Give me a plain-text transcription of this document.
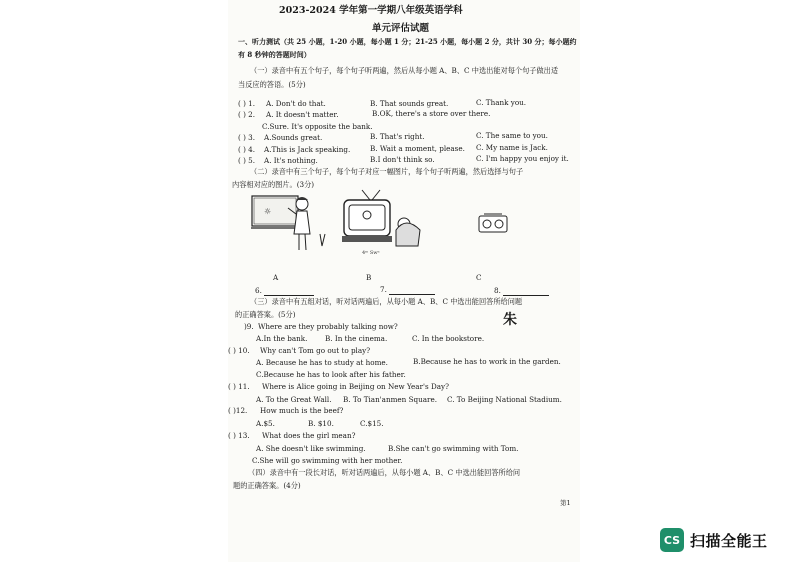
2023-2024 学年第一学期八年级英语学科
单元评估试题
一、听力测试（共 25 小题，1-20 小题，每小题 1 分；21-25 小题，每小题 2 分，共计 30 分；每小题约
有 8 秒钟的答题时间）
（一）录音中有五个句子，每个句子听两遍，然后从每小题 A、B、C 中选出能对每个句子做出适
当反应的答语。(5分)
( ) 1. A. Don't do that.	B. That sounds great.	C. Thank you.
( ) 2. A. It doesn't matter.	B.OK, there's a store over there.
C.Sure. It's opposite the bank.
( ) 3. A.Sounds great.	B. That's right.	C. The same to you.
( ) 4. A.This is Jack speaking.	B. Wait a moment, please. C. My name is Jack.
( ) 5. A. It's nothing.	B.I don't think so.	C. I'm happy you enjoy it.
（二）录音中有三个句子，每个句子对应一幅图片，每个句子听两遍，然后选择与句子
内容相对应的图片。(3分)
☼
4ᵐ Swⁿ
A	B	C
6.	7.	8.
（三）录音中有五组对话，听对话两遍后，从每小题 A、B、C 中选出能回答所给问题
的正确答案。(5分)	朱
)9. Where are they probably talking now?
A.In the bank. B. In the cinema.	C. In the bookstore.
( ) 10. Why can't Tom go out to play?
A. Because he has to study at home.	B.Because he has to work in the garden.
C.Because he has to look after his father.
( ) 11. Where is Alice going in Beijing on New Year's Day?
A. To the Great Wall. B. To Tian'anmen Square. C. To Beijing National Stadium.
( )12. How much is the beef?
A.$5.	B. $10.	C.$15.
( ) 13. What does the girl mean?
A. She doesn't like swimming.	B.She can't go swimming with Tom.
C.She will go swimming with her mother.
（四）录音中有一段长对话，听对话两遍后，从每小题 A、B、C 中选出能回答所给问
题的正确答案。(4分)
第1
CS 扫描全能王
